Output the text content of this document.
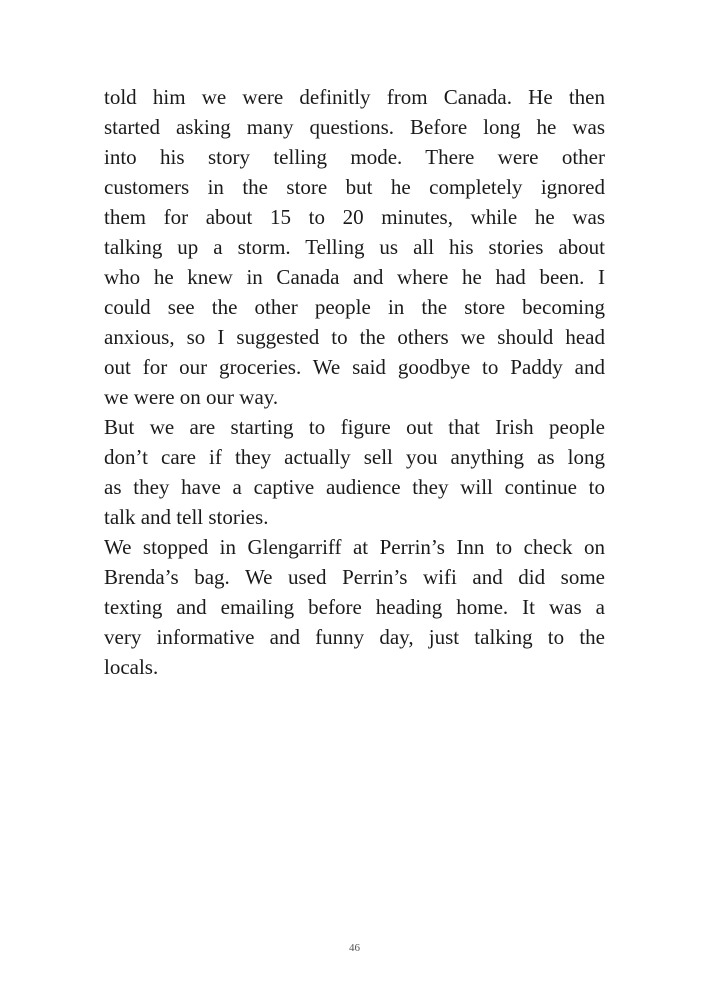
told him we were definitly from Canada. He then
started asking many questions. Before long he was
into his story telling mode. There were other
customers in the store but he completely ignored
them for about 15 to 20 minutes, while he was
talking up a storm. Telling us all his stories about
who he knew in Canada and where he had been. I
could see the other people in the store becoming
anxious, so I suggested to the others we should head
out for our groceries. We said goodbye to Paddy and
we were on our way.
But we are starting to figure out that Irish people
don’t care if they actually sell you anything as long
as they have a captive audience they will continue to
talk and tell stories.
We stopped in Glengarriff at Perrin’s Inn to check on
Brenda’s bag. We used Perrin’s wifi and did some
texting and emailing before heading home. It was a
very informative and funny day, just talking to the
locals.
46
